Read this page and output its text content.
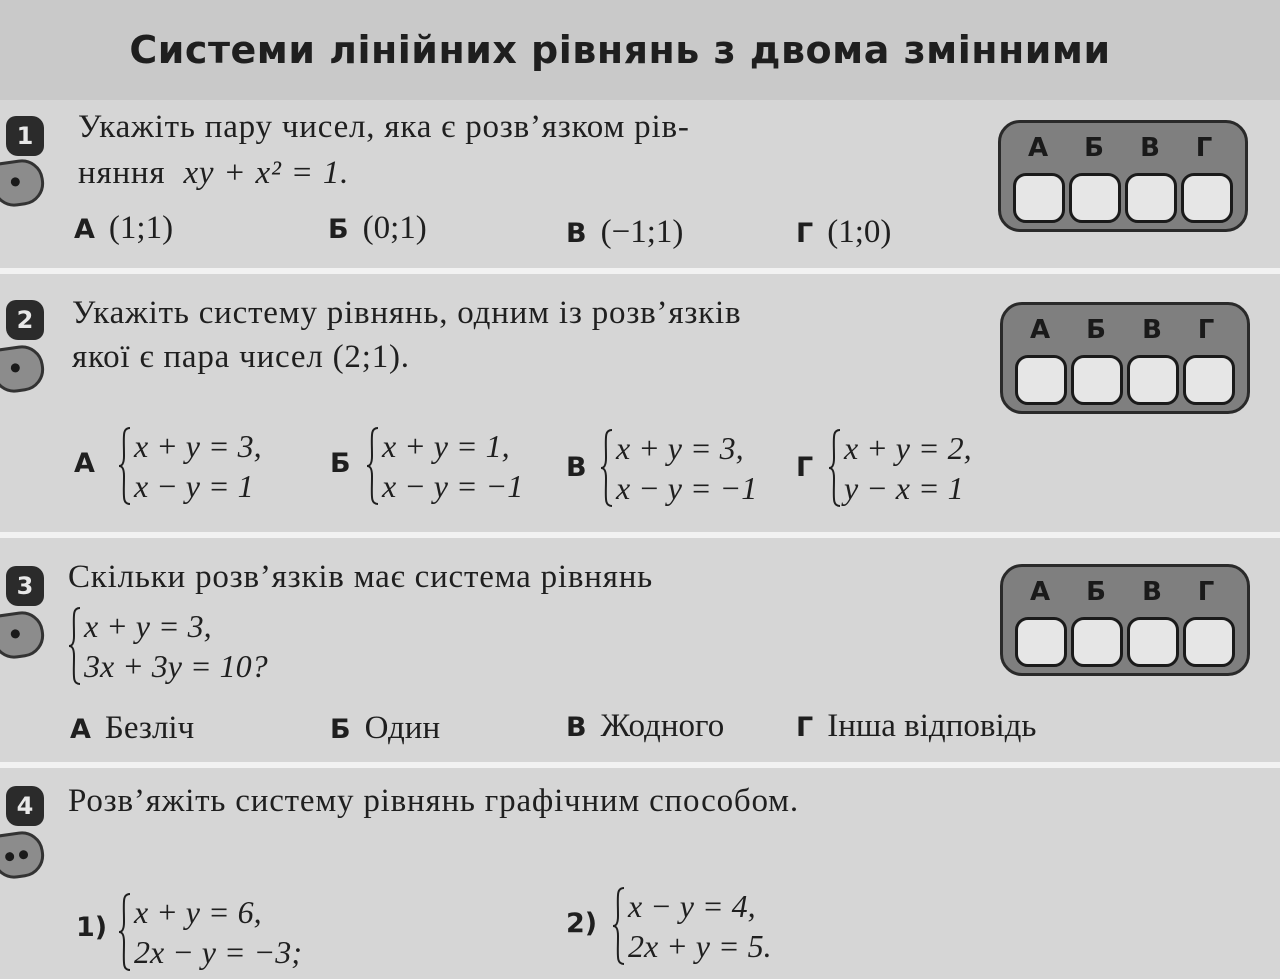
Системи лінійних рівнянь з двома змінними
1	Укажіть пару чисел, яка є розв’язком рів-
няння xy + x² = 1.
А (1;1)	Б (0;1)	В (−1;1)	Г (1;0)
А	Б	В	Г
2	Укажіть систему рівнянь, одним із розв’язків
якої є пара чисел (2;1).
А x + y = 3,
x − y = 1
Б x + y = 1,
x − y = −1
В
x + y = 3,
x − y = −1
Г
x + y = 2,
y − x = 1
А	Б	В	Г
3	Скільки розв’язків має система рівнянь
x + y = 3,
3x + 3y = 10?
А Безліч	Б Один	В Жодного	Г Інша відповідь
А	Б	В	Г
4	Розв’яжіть систему рівнянь графічним способом.
1) x + y = 6,
2x − y = −3;
2) x − y = 4,
2x + y = 5.
